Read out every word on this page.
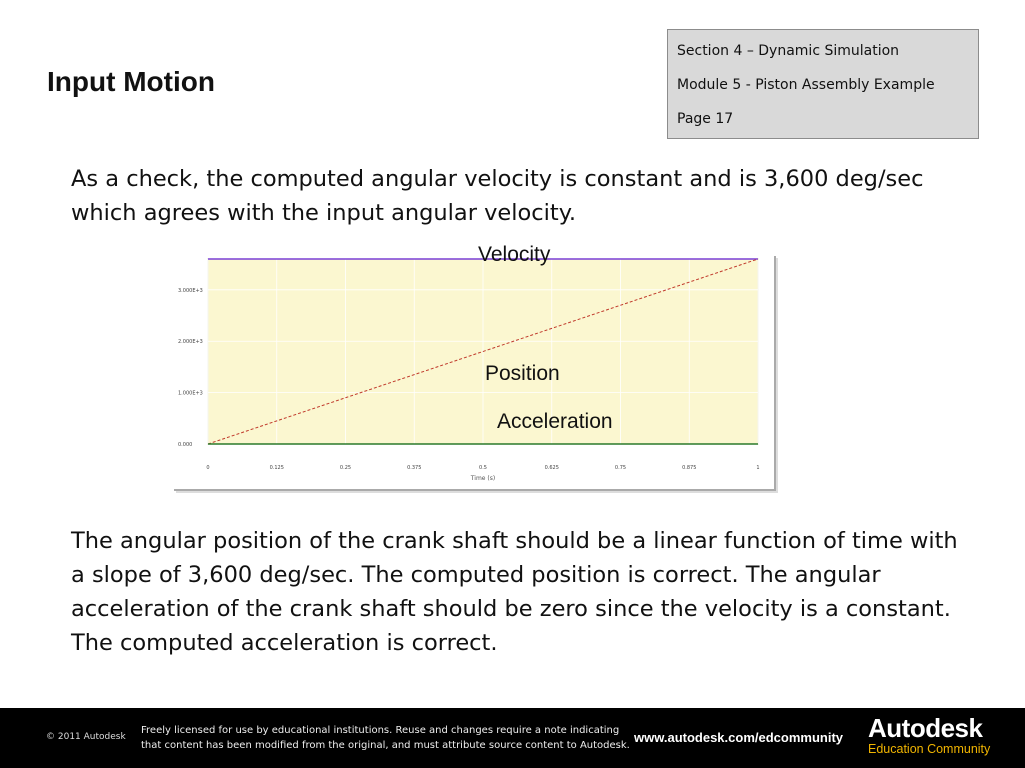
Input Motion
Section 4 – Dynamic Simulation
Module 5 - Piston Assembly Example
Page 17
As a check, the computed angular velocity is constant and is 3,600 deg/sec which agrees with the input angular velocity.
0.000
1.000E+3
2.000E+3
3.000E+3
0	0.125	0.25	0.375	0.5	0.625	0.75	0.875	1
Time (s)
Velocity
Position
Acceleration
The angular position of the crank shaft should be a linear function of time with a slope of 3,600 deg/sec. The computed position is correct. The angular acceleration of the crank shaft should be zero since the velocity is a constant. The computed acceleration is correct.
© 2011 Autodesk
Freely licensed for use by educational institutions. Reuse and changes require a note indicating
that content has been modified from the original, and must attribute source content to Autodesk.
www.autodesk.com/edcommunity Autodesk
Education Community
